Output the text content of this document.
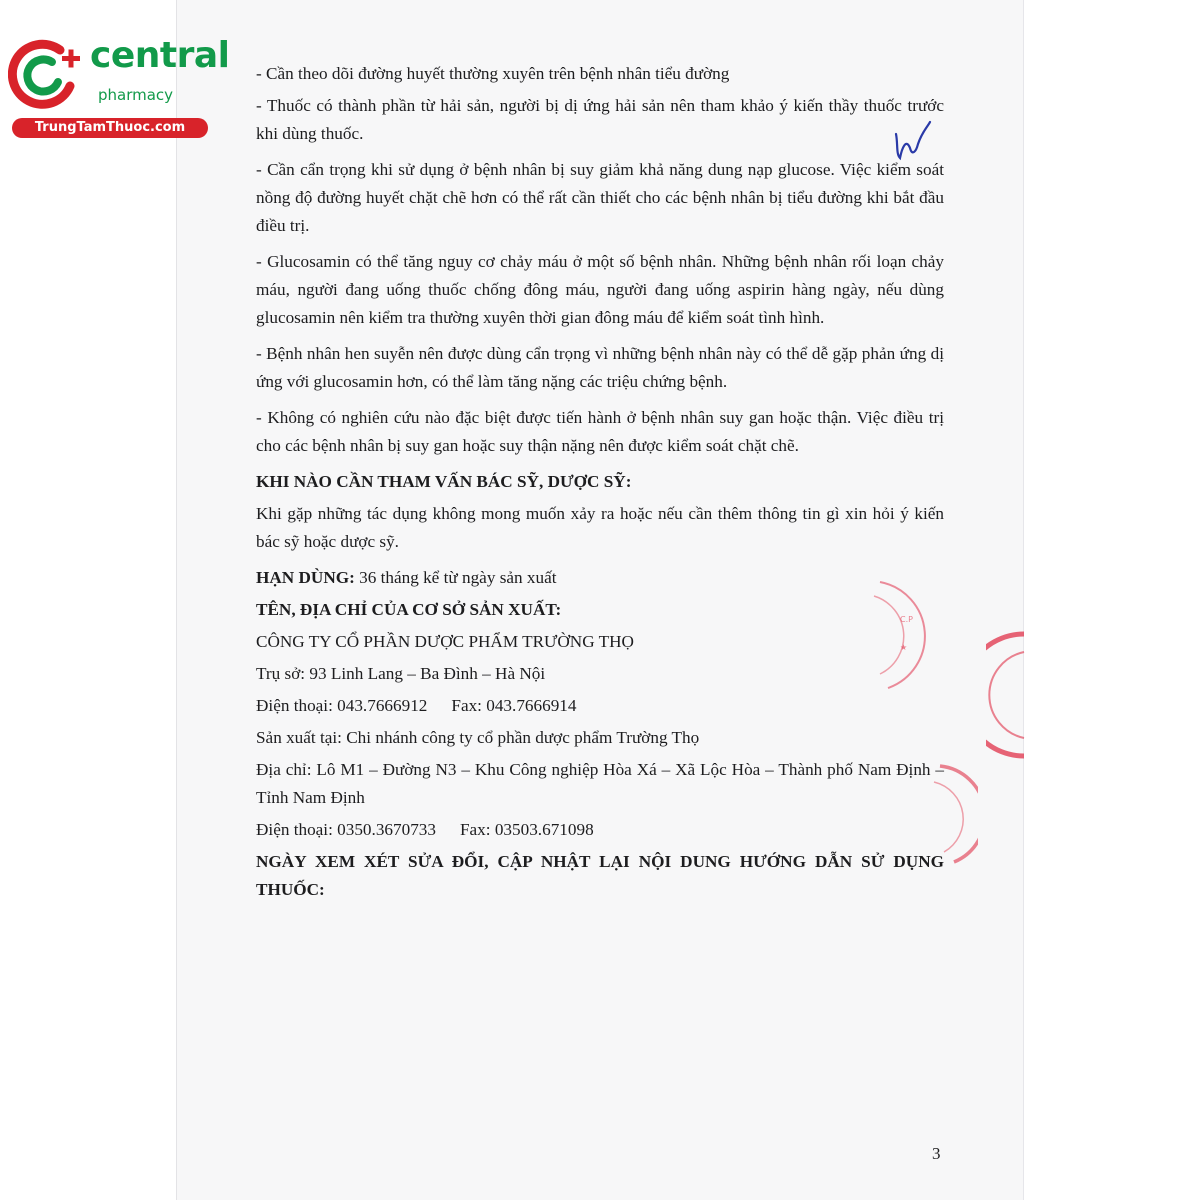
central
pharmacy
TrungTamThuoc.com
C.P
★

- Cần theo dõi đường huyết thường xuyên trên bệnh nhân tiểu đường

- Thuốc có thành phần từ hải sản, người bị dị ứng hải sản nên tham khảo ý kiến thầy thuốc trước khi dùng thuốc.

- Cần cẩn trọng khi sử dụng ở bệnh nhân bị suy giảm khả năng dung nạp glucose. Việc kiểm soát nồng độ đường huyết chặt chẽ hơn có thể rất cần thiết cho các bệnh nhân bị tiểu đường khi bắt đầu điều trị.

- Glucosamin có thể tăng nguy cơ chảy máu ở một số bệnh nhân. Những bệnh nhân rối loạn chảy máu, người đang uống thuốc chống đông máu, người đang uống aspirin hàng ngày, nếu dùng glucosamin nên kiểm tra thường xuyên thời gian đông máu để kiểm soát tình hình.

- Bệnh nhân hen suyễn nên được dùng cẩn trọng vì những bệnh nhân này có thể dễ gặp phản ứng dị ứng với glucosamin hơn, có thể làm tăng nặng các triệu chứng bệnh.

- Không có nghiên cứu nào đặc biệt được tiến hành ở bệnh nhân suy gan hoặc thận. Việc điều trị cho các bệnh nhân bị suy gan hoặc suy thận nặng nên được kiểm soát chặt chẽ.

KHI NÀO CẦN THAM VẤN BÁC SỸ, DƯỢC SỸ:

Khi gặp những tác dụng không mong muốn xảy ra hoặc nếu cần thêm thông tin gì xin hỏi ý kiến bác sỹ hoặc dược sỹ.

HẠN DÙNG: 36 tháng kể từ ngày sản xuất

TÊN, ĐỊA CHỈ CỦA CƠ SỞ SẢN XUẤT:

CÔNG TY CỔ PHẦN DƯỢC PHẨM TRƯỜNG THỌ

Trụ sở: 93 Linh Lang – Ba Đình – Hà Nội

Điện thoại: 043.7666912 Fax: 043.7666914

Sản xuất tại: Chi nhánh công ty cổ phần dược phẩm Trường Thọ

Địa chỉ: Lô M1 – Đường N3 – Khu Công nghiệp Hòa Xá – Xã Lộc Hòa – Thành phố Nam Định – Tỉnh Nam Định

Điện thoại: 0350.3670733 Fax: 03503.671098

NGÀY XEM XÉT SỬA ĐỔI, CẬP NHẬT LẠI NỘI DUNG HƯỚNG DẪN SỬ DỤNG THUỐC:

3
